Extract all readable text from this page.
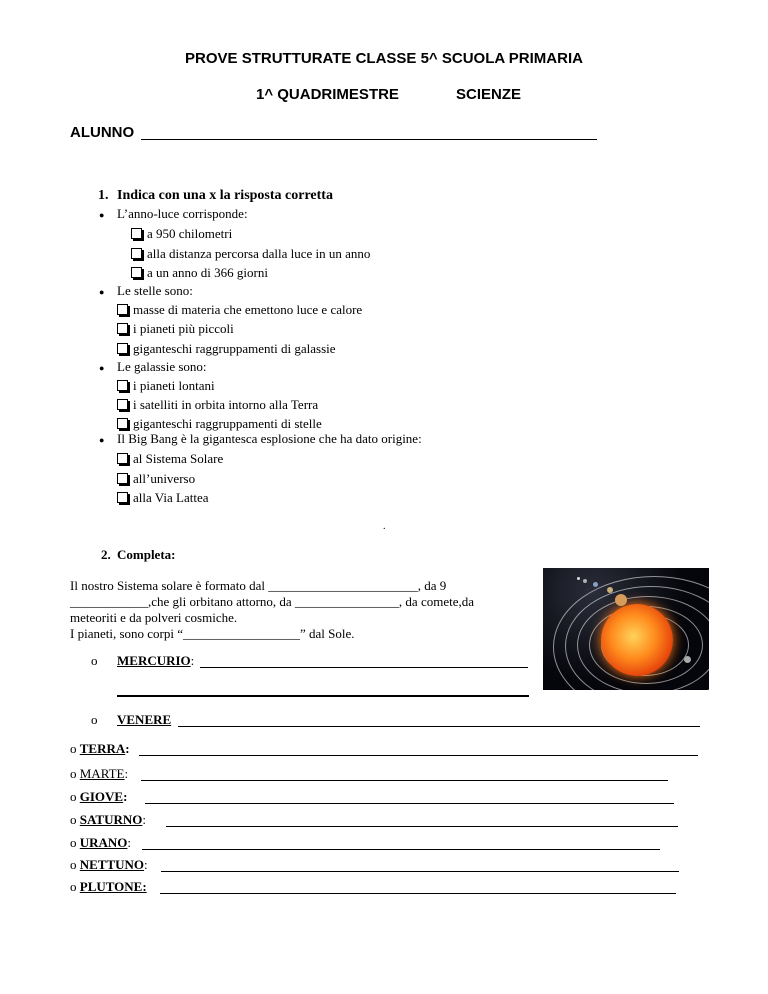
PROVE STRUTTURATE CLASSE 5^ SCUOLA PRIMARIA
1^ QUADRIMESTRE	SCIENZE
ALUNNO
1. Indica con una x la risposta corretta
● L’anno-luce corrisponde:
a 950 chilometri
alla distanza percorsa dalla luce in un anno
a un anno di 366 giorni
● Le stelle sono:
masse di materia che emettono luce e calore
i pianeti più piccoli
giganteschi raggruppamenti di galassie
● Le galassie sono:
i pianeti lontani
i satelliti in orbita intorno alla Terra
giganteschi raggruppamenti di stelle
● Il Big Bang è la gigantesca esplosione che ha dato origine:
al Sistema Solare
all’universo
alla Via Lattea
.
2. Completa:
Il nostro Sistema solare è formato dal _______________________, da 9
____________,che gli orbitano attorno, da ________________, da comete,da
meteoriti e da polveri cosmiche.
I pianeti, sono corpi “__________________” dal Sole.
o MERCURIO:
o VENERE
o TERRA:
o MARTE:
o GIOVE:
o SATURNO:
o URANO:
o NETTUNO:
o PLUTONE:
